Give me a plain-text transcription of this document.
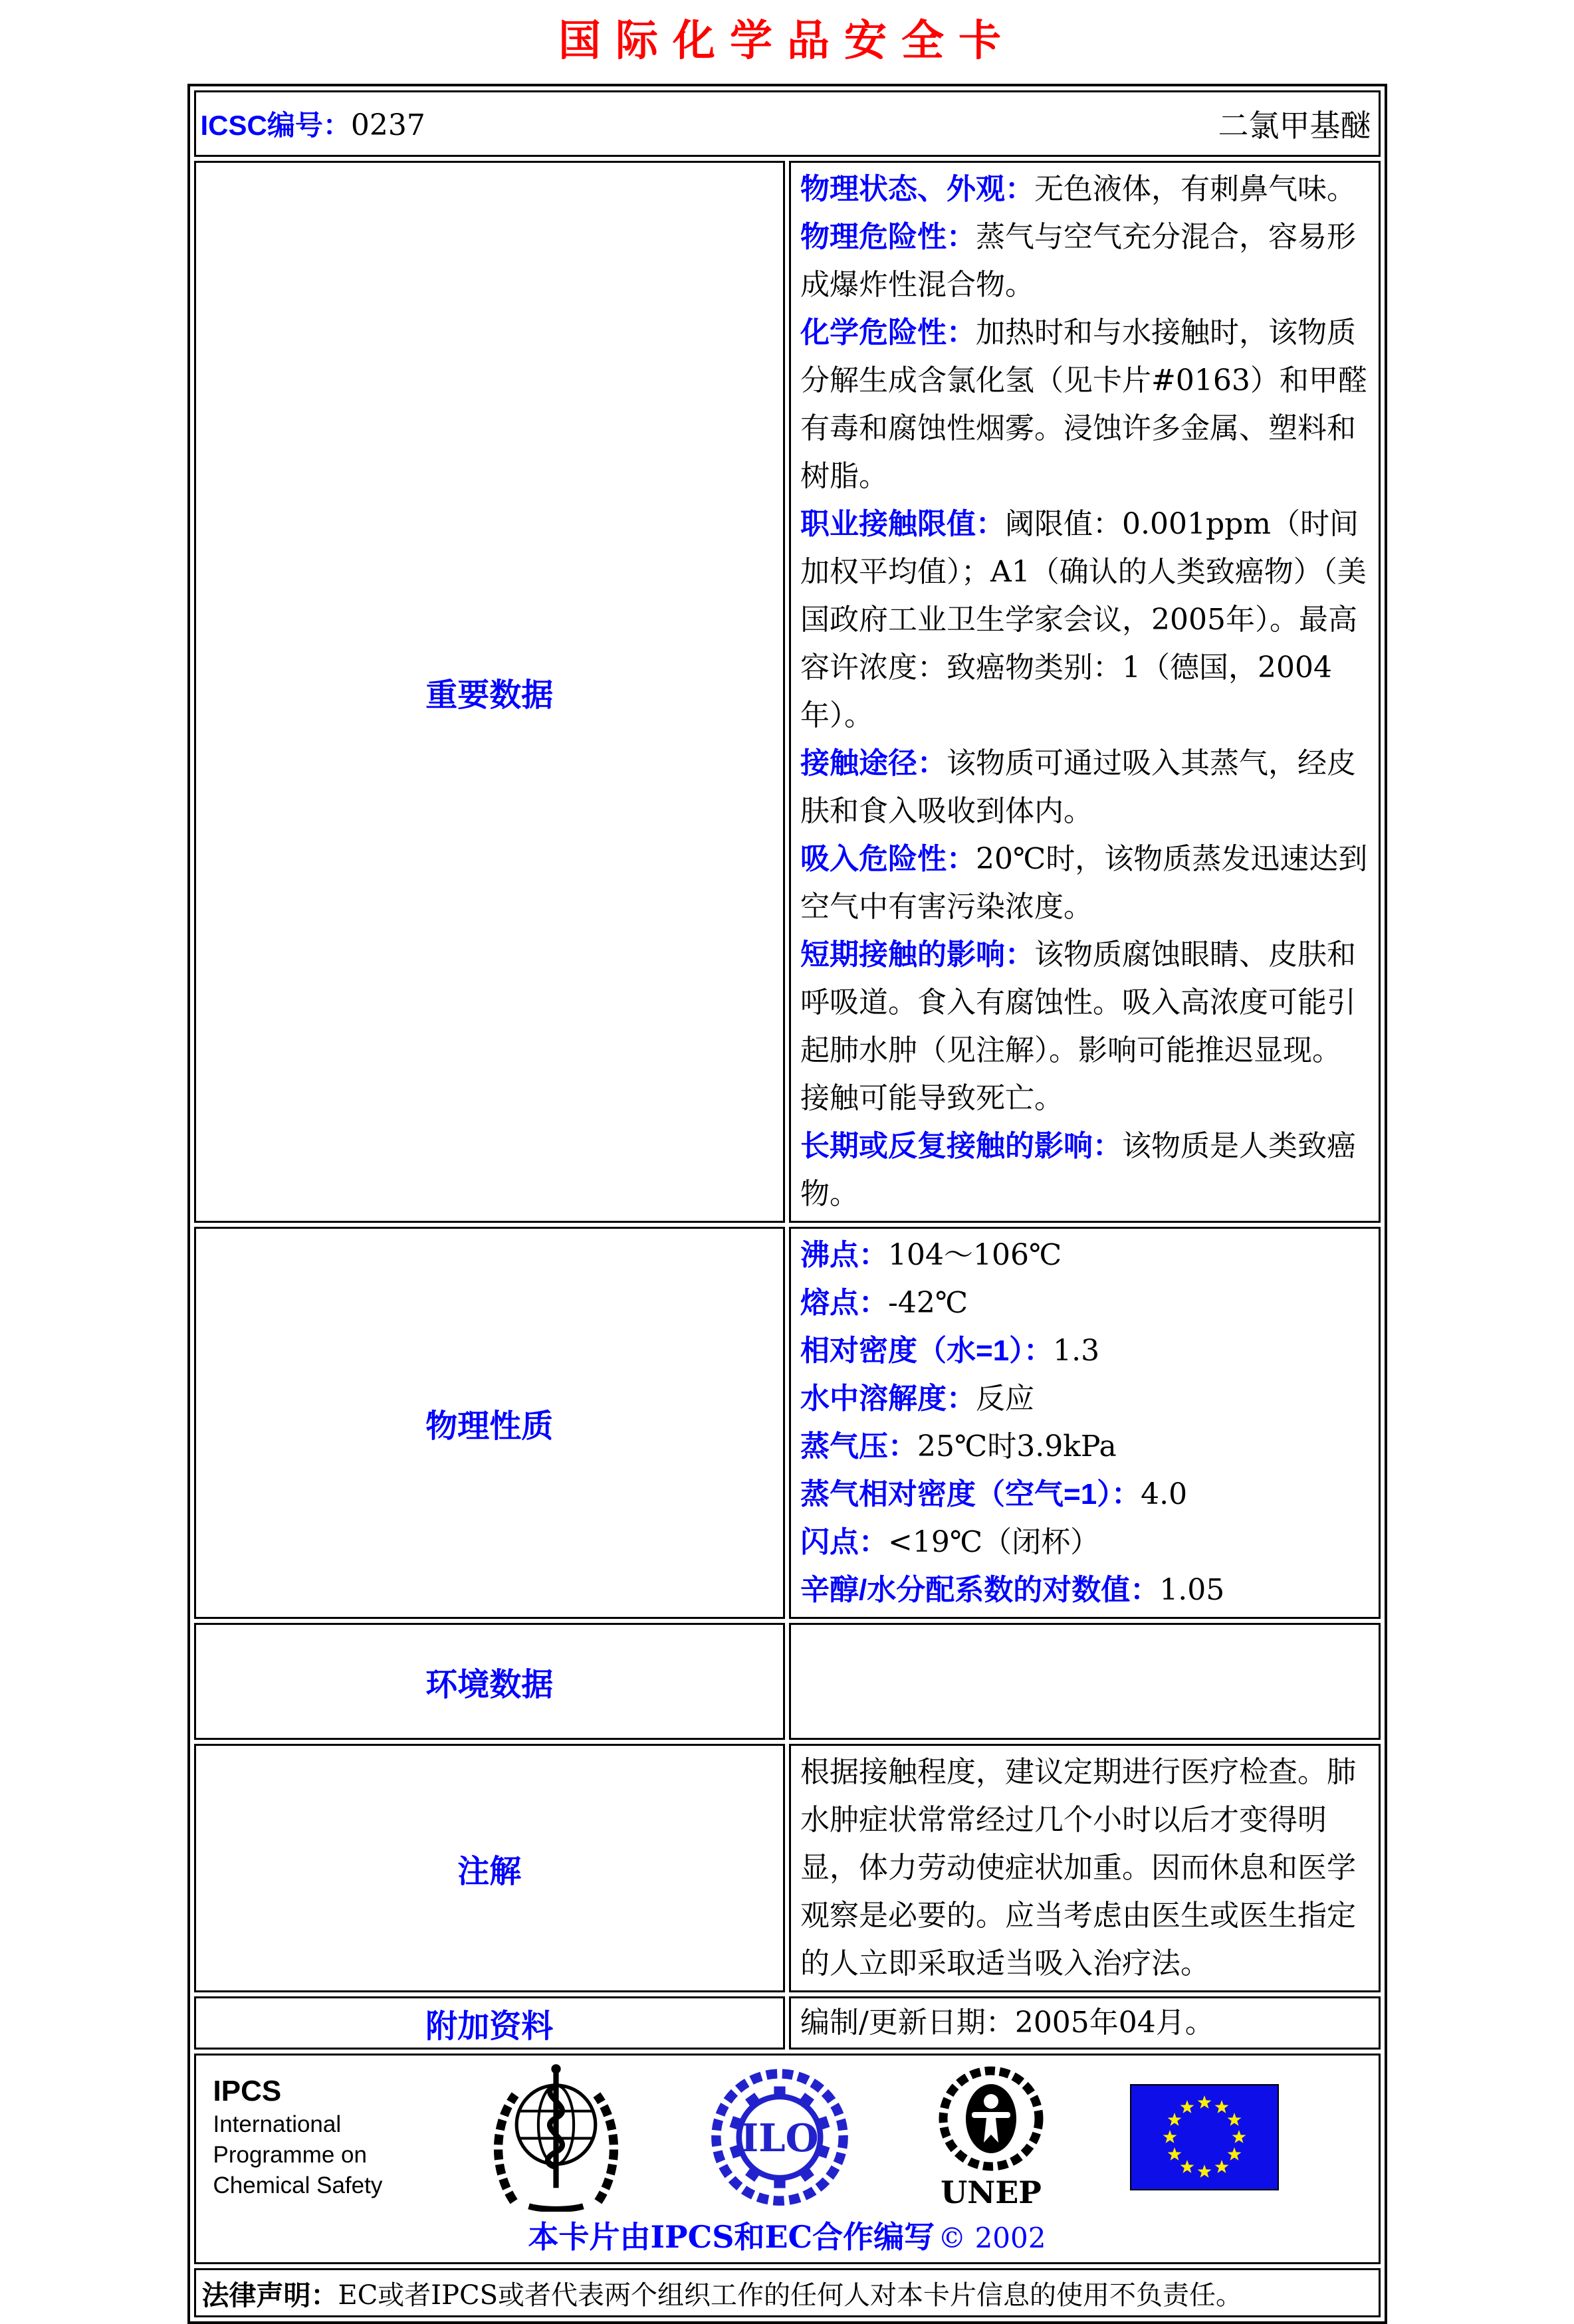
国际化学品安全卡
ICSC编号：0237 二氯甲基醚	

重要数据	
物理状态、外观：无色液体，有刺鼻气味。
物理危险性：蒸气与空气充分混合，容易形成爆炸性混合物。
化学危险性：加热时和与水接触时，该物质分解生成含氯化氢（见卡片#0163）和甲醛有毒和腐蚀性烟雾。浸蚀许多金属、塑料和树脂。
职业接触限值：阈限值：0.001ppm（时间加权平均值）；A1（确认的人类致癌物）（美国政府工业卫生学家会议，2005年）。最高容许浓度：致癌物类别：1（德国，2004年）。
接触途径：该物质可通过吸入其蒸气，经皮肤和食入吸收到体内。
吸入危险性：20℃时，该物质蒸发迅速达到空气中有害污染浓度。
短期接触的影响：该物质腐蚀眼睛、皮肤和呼吸道。食入有腐蚀性。吸入高浓度可能引起肺水肿（见注解）。影响可能推迟显现。接触可能导致死亡。
长期或反复接触的影响：该物质是人类致癌物。

物理性质	
沸点：104～106℃
熔点：-42℃
相对密度（水=1）：1.3
水中溶解度：反应
蒸气压：25℃时3.9kPa
蒸气相对密度（空气=1）：4.0
闪点：<19℃（闭杯）
辛醇/水分配系数的对数值：1.05

环境数据	

注解	根据接触程度，建议定期进行医疗检查。肺水肿症状常常经过几个小时以后才变得明显，体力劳动使症状加重。因而休息和医学观察是必要的。应当考虑由医生或医生指定的人立即采取适当吸入治疗法。

附加资料	编制/更新日期：2005年04月。

IPCS
International
Programme on
Chemical Safety
ILO
UNEP
本卡片由IPCS和EC合作编写 © 2002

法律声明： EC或者IPCS或者代表两个组织工作的任何人对本卡片信息的使用不负责任。	
